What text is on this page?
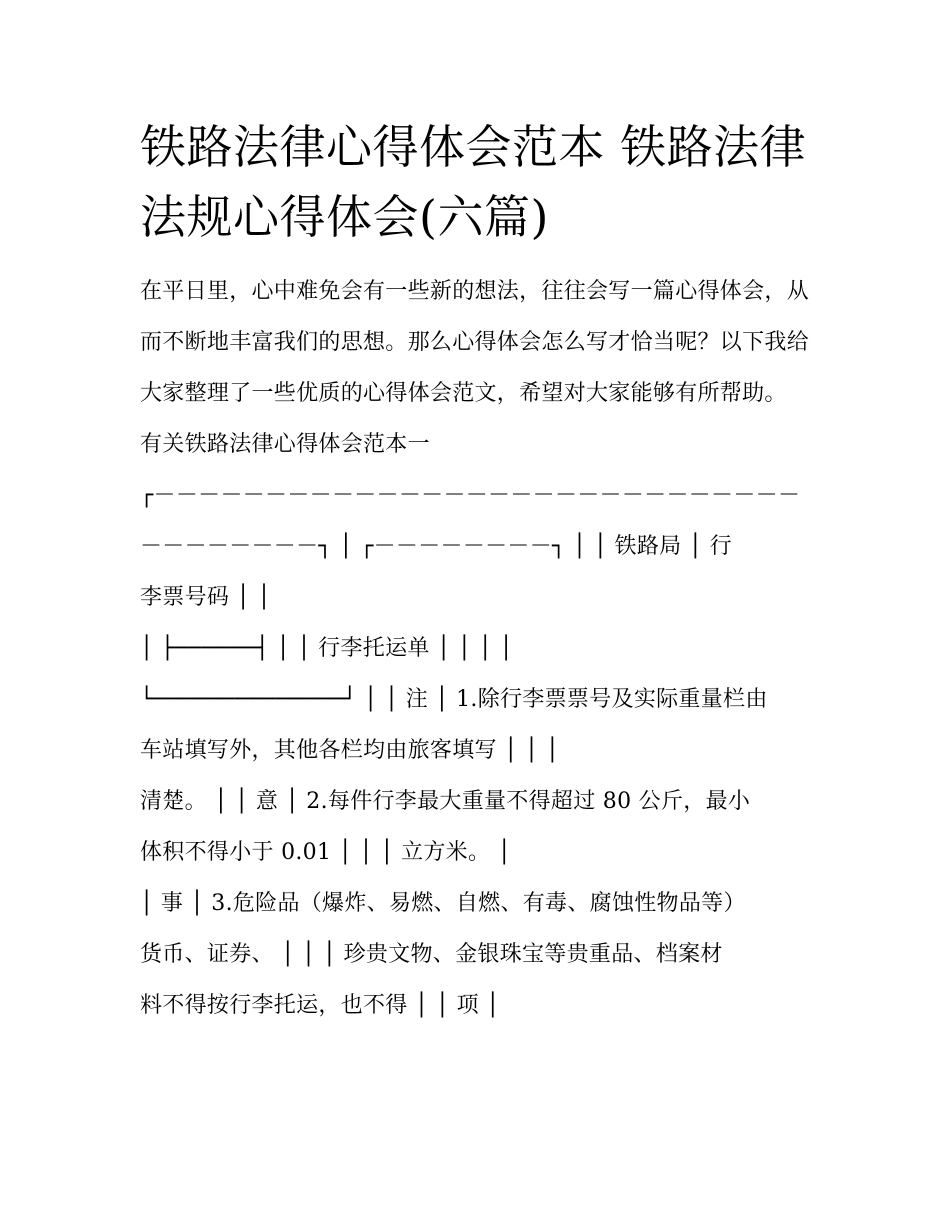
铁路法律心得体会范本 铁路法律法规心得体会(六篇)

在平日里，心中难免会有一些新的想法，往往会写一篇心得体会，从而不断地丰富我们的思想。那么心得体会怎么写才恰当呢？以下我给大家整理了一些优质的心得体会范文，希望对大家能够有所帮助。

有关铁路法律心得体会范本一

┌－－－－－－－－－－－－－－－－－－－－－－－－－－－－－
－－－－－－－－┐ │ ┌－－－－－－－－┐ │ │ 铁路局 │ 行
李票号码 │ │
│ ├──────┤ │ │ 行李托运单 │ │ │ │
└──────────────┘ │ │ 注 │ 1.除行李票票号及实际重量栏由
车站填写外，其他各栏均由旅客填写 │ │ │
清楚。 │ │ 意 │ 2.每件行李最大重量不得超过 80 公斤，最小
体积不得小于 0.01 │ │ │ 立方米。 │
│ 事 │ 3.危险品（爆炸、易燃、自燃、有毒、腐蚀性物品等）
货币、证券、 │ │ │ 珍贵文物、金银珠宝等贵重品、档案材
料不得按行李托运，也不得 │ │ 项 │
